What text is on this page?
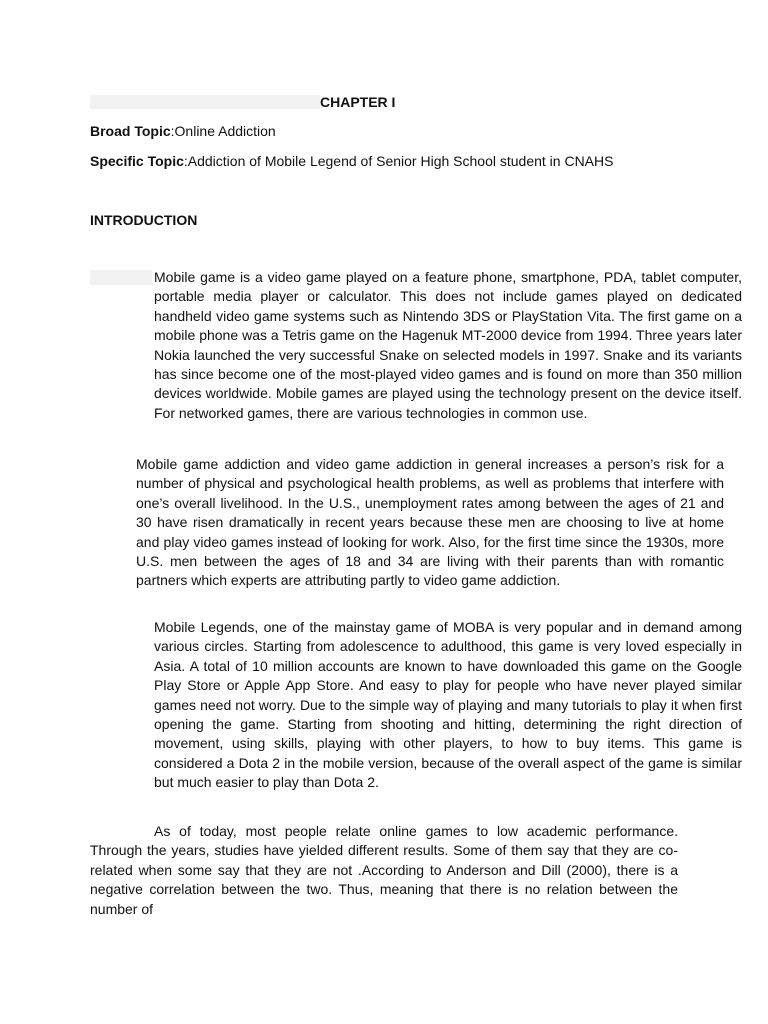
CHAPTER I
Broad Topic:Online Addiction
Specific Topic:Addiction of Mobile Legend of Senior High School student in CNAHS
INTRODUCTION

Mobile game is a video game played on a feature phone, smartphone, PDA, tablet computer, portable media player or calculator. This does not include games played on dedicated handheld video game systems such as Nintendo 3DS or PlayStation Vita. The first game on a mobile phone was a Tetris game on the Hagenuk MT-2000 device from 1994. Three years later Nokia launched the very successful Snake on selected models in 1997. Snake and its variants has since become one of the most-played video games and is found on more than 350 million devices worldwide. Mobile games are played using the technology present on the device itself. For networked games, there are various technologies in common use.

Mobile game addiction and video game addiction in general increases a person’s risk for a number of physical and psychological health problems, as well as problems that interfere with one’s overall livelihood. In the U.S., unemployment rates among between the ages of 21 and 30 have risen dramatically in recent years because these men are choosing to live at home and play video games instead of looking for work. Also, for the first time since the 1930s, more U.S. men between the ages of 18 and 34 are living with their parents than with romantic partners which experts are attributing partly to video game addiction.

Mobile Legends, one of the mainstay game of MOBA is very popular and in demand among various circles. Starting from adolescence to adulthood, this game is very loved especially in Asia. A total of 10 million accounts are known to have downloaded this game on the Google Play Store or Apple App Store. And easy to play for people who have never played similar games need not worry. Due to the simple way of playing and many tutorials to play it when first opening the game. Starting from shooting and hitting, determining the right direction of movement, using skills, playing with other players, to how to buy items. This game is considered a Dota 2 in the mobile version, because of the overall aspect of the game is similar but much easier to play than Dota 2.

As of today, most people relate online games to low academic performance. Through the years, studies have yielded different results. Some of them say that they are co-related when some say that they are not .According to Anderson and Dill (2000), there is a negative correlation between the two. Thus, meaning that there is no relation between the number of
